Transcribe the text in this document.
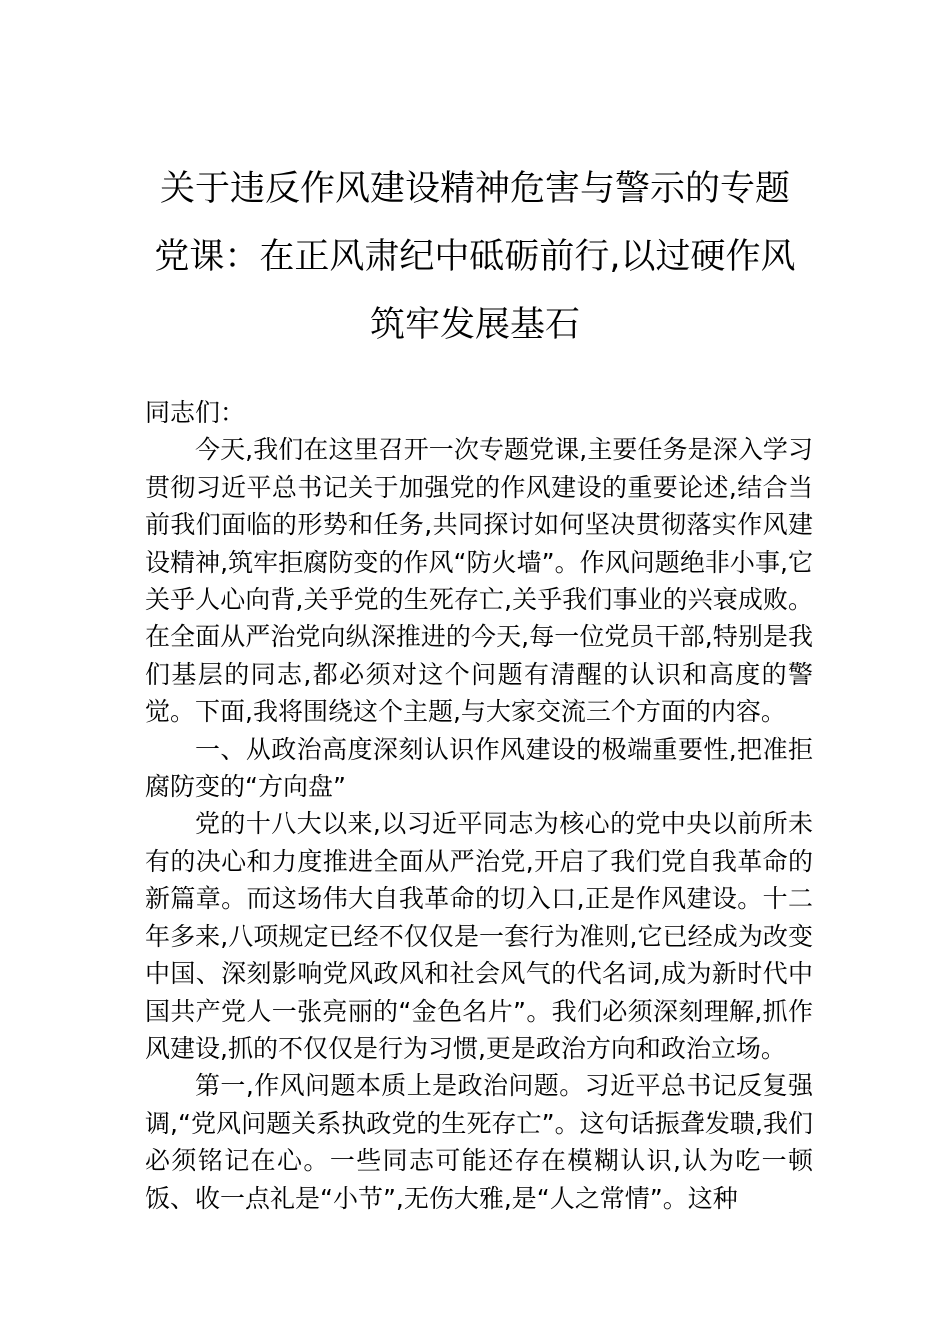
关于违反作风建设精神危害与警示的专题
党课：在正风肃纪中砥砺前行,以过硬作风
筑牢发展基石

同志们：

今天,我们在这里召开一次专题党课,主要任务是深入学习贯彻习近平总书记关于加强党的作风建设的重要论述,结合当前我们面临的形势和任务,共同探讨如何坚决贯彻落实作风建设精神,筑牢拒腐防变的作风“防火墙”。作风问题绝非小事,它关乎人心向背,关乎党的生死存亡,关乎我们事业的兴衰成败。在全面从严治党向纵深推进的今天,每一位党员干部,特别是我们基层的同志,都必须对这个问题有清醒的认识和高度的警觉。下面,我将围绕这个主题,与大家交流三个方面的内容。

一、从政治高度深刻认识作风建设的极端重要性,把准拒腐防变的“方向盘”

党的十八大以来,以习近平同志为核心的党中央以前所未有的决心和力度推进全面从严治党,开启了我们党自我革命的新篇章。而这场伟大自我革命的切入口,正是作风建设。十二年多来,八项规定已经不仅仅是一套行为准则,它已经成为改变中国、深刻影响党风政风和社会风气的代名词,成为新时代中国共产党人一张亮丽的“金色名片”。我们必须深刻理解,抓作风建设,抓的不仅仅是行为习惯,更是政治方向和政治立场。

第一,作风问题本质上是政治问题。习近平总书记反复强调,“党风问题关系执政党的生死存亡”。这句话振聋发聩,我们必须铭记在心。一些同志可能还存在模糊认识,认为吃一顿饭、收一点礼是“小节”,无伤大雅,是“人之常情”。这种
